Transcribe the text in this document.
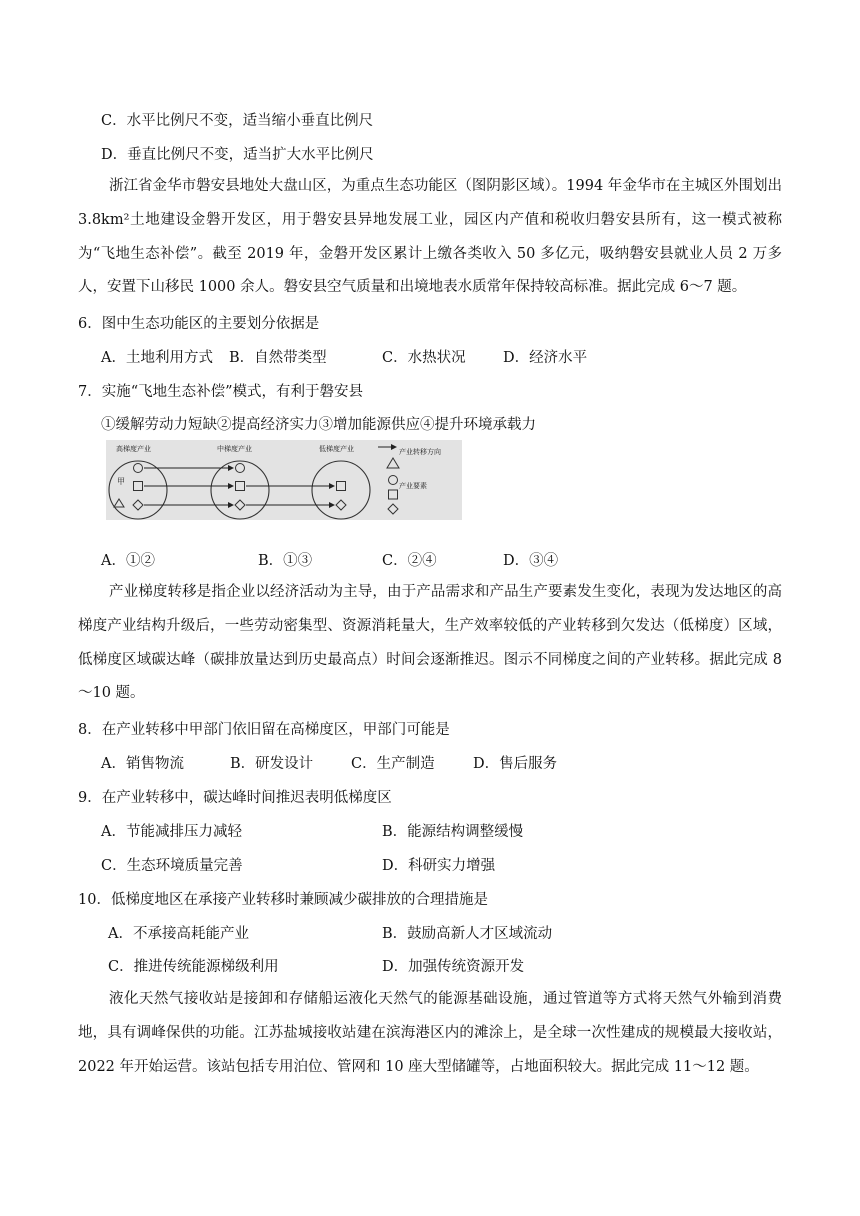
C．水平比例尺不变，适当缩小垂直比例尺
D．垂直比例尺不变，适当扩大水平比例尺
浙江省金华市磐安县地处大盘山区，为重点生态功能区（图阴影区域）。1994 年金华市在主城区外围划出 3.8km²土地建设金磐开发区，用于磐安县异地发展工业，园区内产值和税收归磐安县所有，这一模式被称为“飞地生态补偿”。截至 2019 年，金磐开发区累计上缴各类收入 50 多亿元，吸纳磐安县就业人员 2 万多人，安置下山移民 1000 余人。磐安县空气质量和出境地表水质常年保持较高标准。据此完成 6～7 题。
6．图中生态功能区的主要划分依据是
A．土地利用方式 B．自然带类型	C．水热状况	D．经济水平
7．实施“飞地生态补偿”模式，有利于磐安县
①缓解劳动力短缺②提高经济实力③增加能源供应④提升环境承载力
高梯度产业	中梯度产业	低梯度产业	产业转移方向
产业要素
甲
A．①②	B．①③	C．②④	D．③④
产业梯度转移是指企业以经济活动为主导，由于产品需求和产品生产要素发生变化，表现为发达地区的高梯度产业结构升级后，一些劳动密集型、资源消耗量大，生产效率较低的产业转移到欠发达（低梯度）区域，低梯度区域碳达峰（碳排放量达到历史最高点）时间会逐渐推迟。图示不同梯度之间的产业转移。据此完成 8～10 题。
8．在产业转移中甲部门依旧留在高梯度区，甲部门可能是
A．销售物流	B．研发设计	C．生产制造	D．售后服务
9．在产业转移中，碳达峰时间推迟表明低梯度区
A．节能减排压力减轻	B．能源结构调整缓慢
C．生态环境质量完善	D．科研实力增强
10．低梯度地区在承接产业转移时兼顾减少碳排放的合理措施是
A．不承接高耗能产业	B．鼓励高新人才区域流动
C．推进传统能源梯级利用	D．加强传统资源开发
液化天然气接收站是接卸和存储船运液化天然气的能源基础设施，通过管道等方式将天然气外输到消费地，具有调峰保供的功能。江苏盐城接收站建在滨海港区内的滩涂上，是全球一次性建成的规模最大接收站，2022 年开始运营。该站包括专用泊位、管网和 10 座大型储罐等，占地面积较大。据此完成 11～12 题。
